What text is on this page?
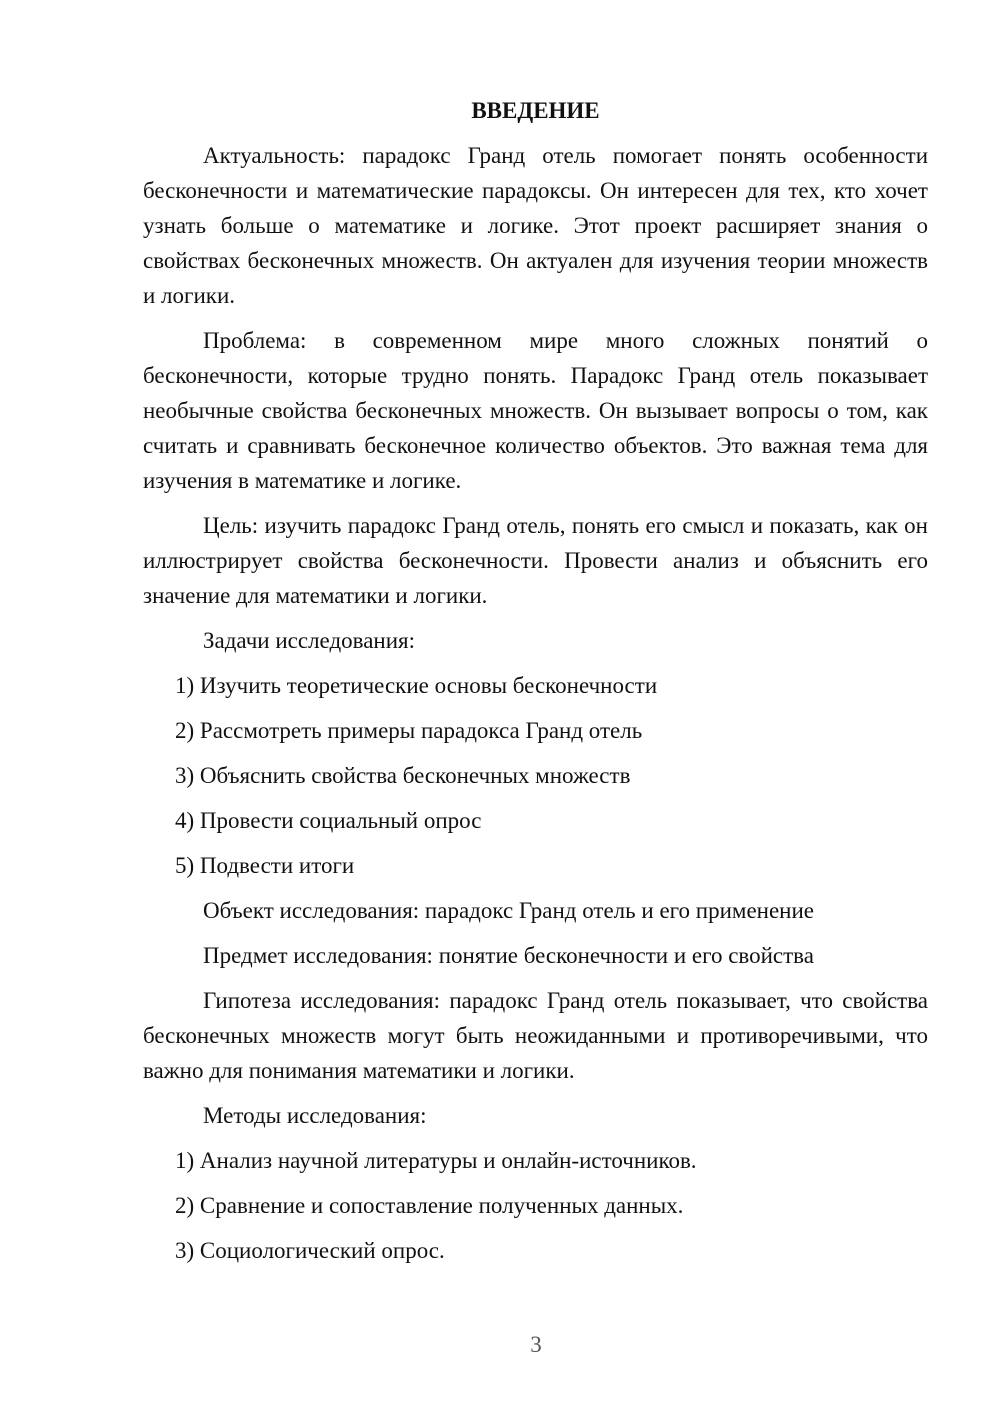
ВВЕДЕНИЕ

Актуальность: парадокс Гранд отель помогает понять особенности бесконечности и математические парадоксы. Он интересен для тех, кто хочет узнать больше о математике и логике. Этот проект расширяет знания о свойствах бесконечных множеств. Он актуален для изучения теории множеств и логики.

Проблема: в современном мире много сложных понятий о бесконечности, которые трудно понять. Парадокс Гранд отель показывает необычные свойства бесконечных множеств. Он вызывает вопросы о том, как считать и сравнивать бесконечное количество объектов. Это важная тема для изучения в математике и логике.

Цель: изучить парадокс Гранд отель, понять его смысл и показать, как он иллюстрирует свойства бесконечности. Провести анализ и объяснить его значение для математики и логики.

Задачи исследования:

1) Изучить теоретические основы бесконечности

2) Рассмотреть примеры парадокса Гранд отель

3) Объяснить свойства бесконечных множеств

4) Провести социальный опрос

5) Подвести итоги

Объект исследования: парадокс Гранд отель и его применение

Предмет исследования: понятие бесконечности и его свойства

Гипотеза исследования: парадокс Гранд отель показывает, что свойства бесконечных множеств могут быть неожиданными и противоречивыми, что важно для понимания математики и логики.

Методы исследования:

1) Анализ научной литературы и онлайн-источников.

2) Сравнение и сопоставление полученных данных.

3) Социологический опрос.

3
